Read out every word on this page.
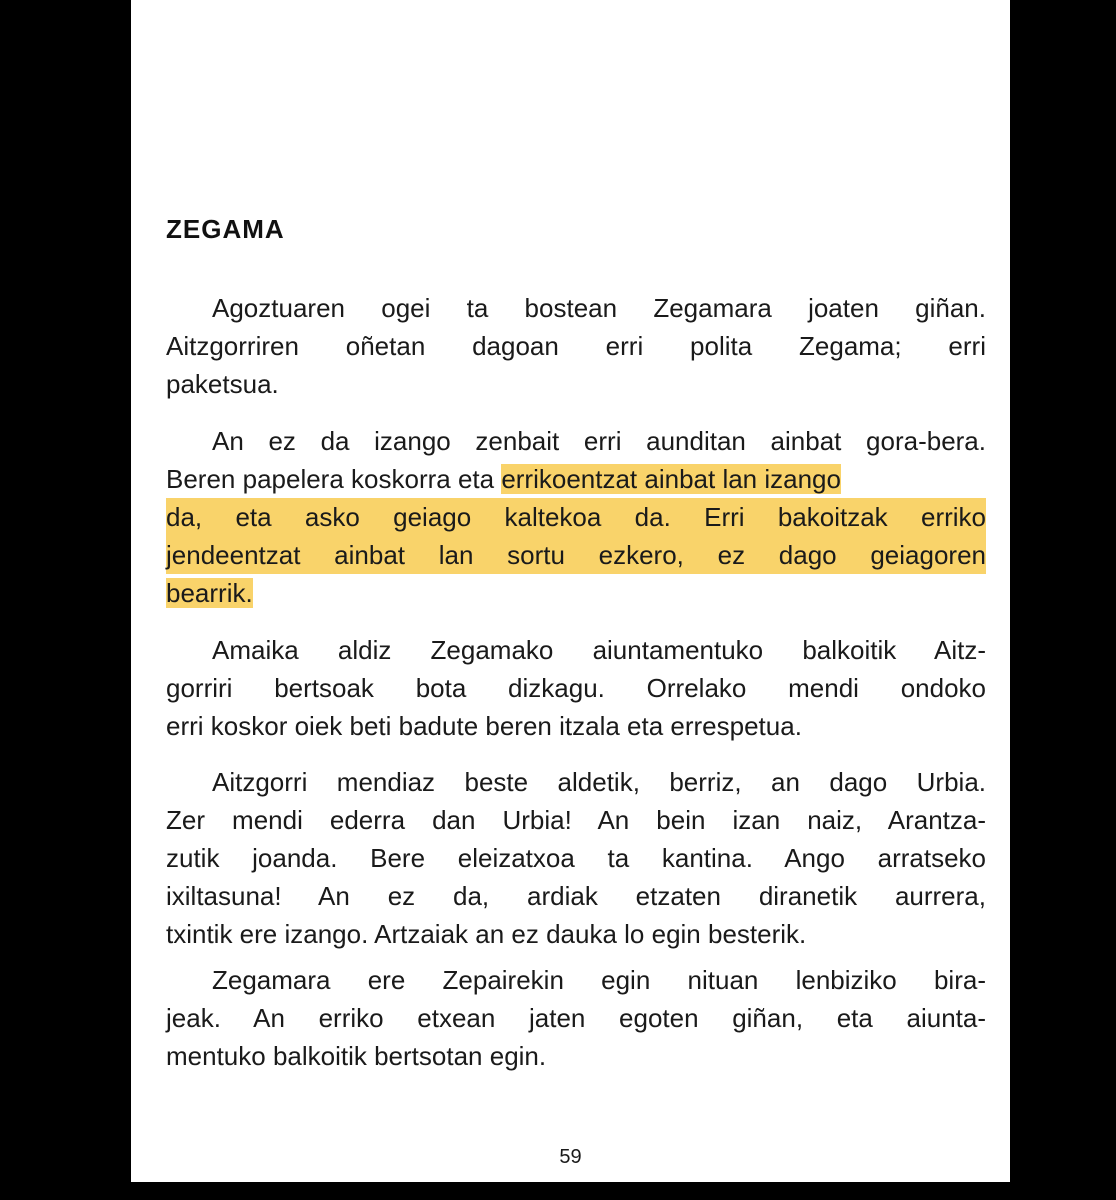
ZEGAMA
Agoztuaren ogei ta bostean Zegamara joaten giñan.
Aitzgorriren oñetan dagoan erri polita Zegama; erri
paketsua.
An ez da izango zenbait erri aunditan ainbat gora-bera.
Beren papelera koskorra eta errikoentzat ainbat lan izango
da, eta asko geiago kaltekoa da. Erri bakoitzak erriko
jendeentzat ainbat lan sortu ezkero, ez dago geiagoren
bearrik.
Amaika aldiz Zegamako aiuntamentuko balkoitik Aitz-
gorriri bertsoak bota dizkagu. Orrelako mendi ondoko
erri koskor oiek beti badute beren itzala eta errespetua.
Aitzgorri mendiaz beste aldetik, berriz, an dago Urbia.
Zer mendi ederra dan Urbia! An bein izan naiz, Arantza-
zutik joanda. Bere eleizatxoa ta kantina. Ango arratseko
ixiltasuna! An ez da, ardiak etzaten diranetik aurrera,
txintik ere izango. Artzaiak an ez dauka lo egin besterik.
Zegamara ere Zepairekin egin nituan lenbiziko bira-
jeak. An erriko etxean jaten egoten giñan, eta aiunta-
mentuko balkoitik bertsotan egin.
59
